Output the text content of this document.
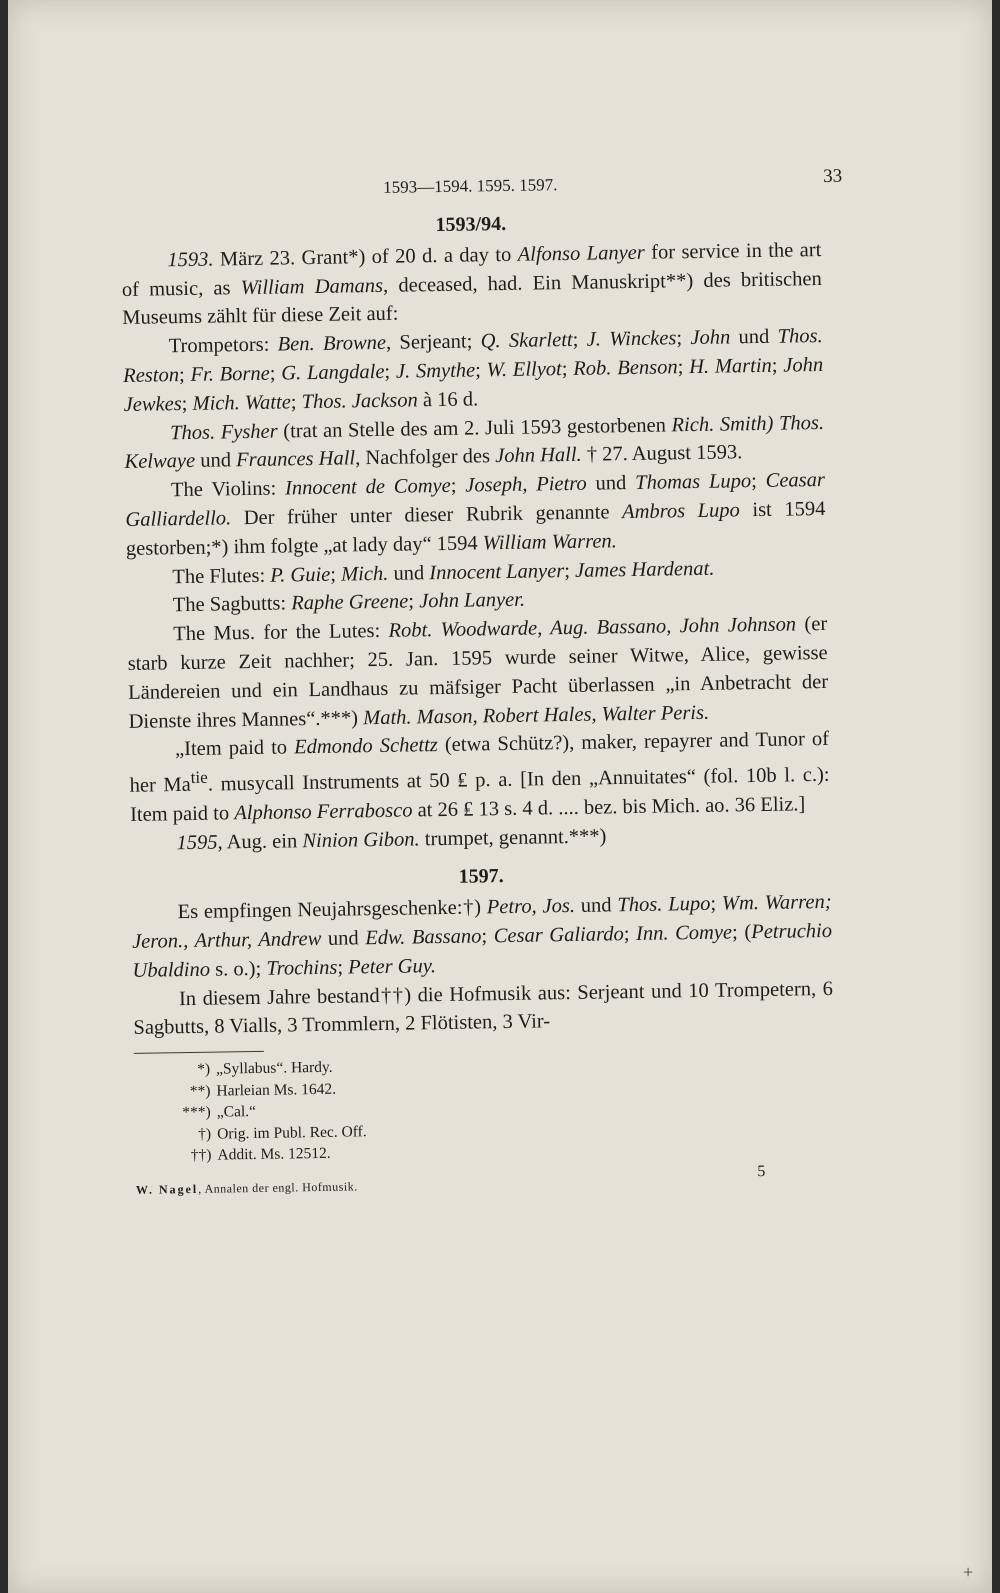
1593—1594. 1595. 1597.	33
1593/94.

1593. März 23. Grant*) of 20 d. a day to Alfonso Lanyer for service in the art of music, as William Damans, deceased, had. Ein Manuskript**) des britischen Museums zählt für diese Zeit auf:

Trompetors: Ben. Browne, Serjeant; Q. Skarlett; J. Winckes; John und Thos. Reston; Fr. Borne; G. Langdale; J. Smythe; W. Ellyot; Rob. Benson; H. Martin; John Jewkes; Mich. Watte; Thos. Jackson à 16 d.

Thos. Fysher (trat an Stelle des am 2. Juli 1593 gestorbenen Rich. Smith) Thos. Kelwaye und Fraunces Hall, Nachfolger des John Hall. † 27. August 1593.

The Violins: Innocent de Comye; Joseph, Pietro und Thomas Lupo; Ceasar Galliardello. Der früher unter dieser Rubrik genannte Ambros Lupo ist 1594 gestorben;*) ihm folgte „at lady day“ 1594 William Warren.

The Flutes: P. Guie; Mich. und Innocent Lanyer; James Hardenat.

The Sagbutts: Raphe Greene; John Lanyer.

The Mus. for the Lutes: Robt. Woodwarde, Aug. Bassano, John Johnson (er starb kurze Zeit nachher; 25. Jan. 1595 wurde seiner Witwe, Alice, gewisse Ländereien und ein Landhaus zu mäfsiger Pacht überlassen „in Anbetracht der Dienste ihres Mannes“.***) Math. Mason, Robert Hales, Walter Peris.

„Item paid to Edmondo Schettz (etwa Schütz?), maker, repayrer and Tunor of her $Ma^{tie}$. musycall Instruments at 50 ₤ p. a. [In den „Annuitates“ (fol. 10b l. c.): Item paid to Alphonso Ferrabosco at 26 ₤ 13 s. 4 d. .... bez. bis Mich. ao. 36 Eliz.]

1595, Aug. ein Ninion Gibon. trumpet, genannt.***)

1597.

Es empfingen Neujahrsgeschenke:†) Petro, Jos. und Thos. Lupo; Wm. Warren; Jeron., Arthur, Andrew und Edw. Bassano; Cesar Galiardo; Inn. Comye; (Petruchio Ubaldino s. o.); Trochins; Peter Guy.

In diesem Jahre bestand††) die Hofmusik aus: Serjeant und 10 Trompetern, 6 Sagbutts, 8 Vialls, 3 Trommlern, 2 Flötisten, 3 Vir-

*) „Syllabus“. Hardy.
**) Harleian Ms. 1642.
***) „Cal.“
†) Orig. im Publ. Rec. Off.
††) Addit. Ms. 12512.
W. Nagel, Annalen der engl. Hofmusik.
5
+
